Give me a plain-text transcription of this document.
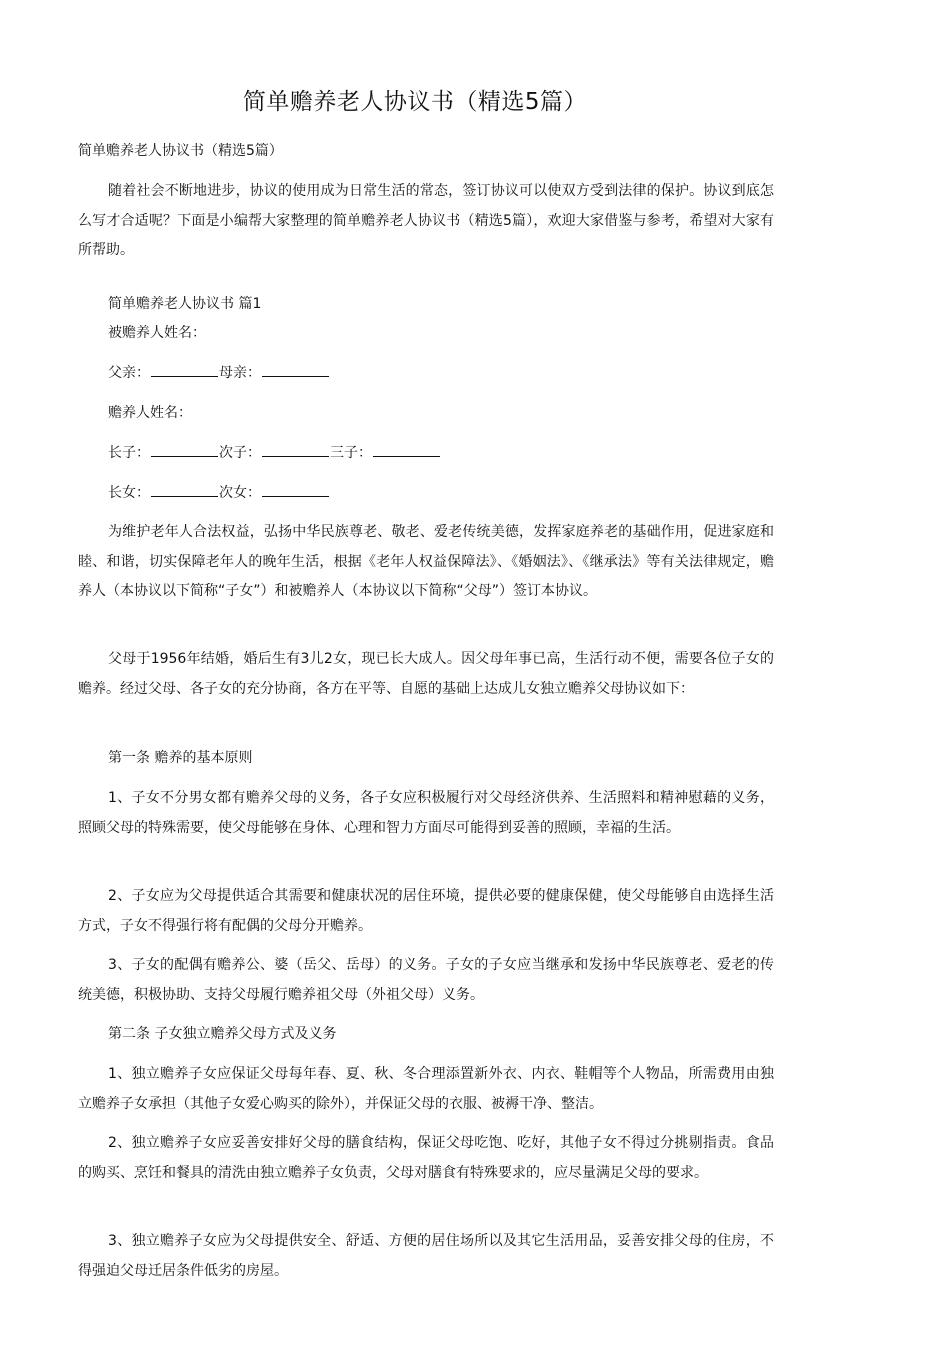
简单赡养老人协议书（精选5篇）
简单赡养老人协议书（精选5篇）

随着社会不断地进步，协议的使用成为日常生活的常态，签订协议可以使双方受到法律的保护。协议到底怎么写才合适呢？下面是小编帮大家整理的简单赡养老人协议书（精选5篇），欢迎大家借鉴与参考，希望对大家有所帮助。

简单赡养老人协议书 篇1
被赡养人姓名：
父亲：	母亲：
赡养人姓名：
长子：	次子：	三子：
长女：	次女：

为维护老年人合法权益，弘扬中华民族尊老、敬老、爱老传统美德，发挥家庭养老的基础作用，促进家庭和睦、和谐，切实保障老年人的晚年生活，根据《老年人权益保障法》、《婚姻法》、《继承法》等有关法律规定，赡养人（本协议以下简称“子女”）和被赡养人（本协议以下简称“父母”）签订本协议。

父母于1956年结婚，婚后生有3儿2女，现已长大成人。因父母年事已高，生活行动不便，需要各位子女的赡养。经过父母、各子女的充分协商，各方在平等、自愿的基础上达成儿女独立赡养父母协议如下：

第一条 赡养的基本原则

1、子女不分男女都有赡养父母的义务，各子女应积极履行对父母经济供养、生活照料和精神慰藉的义务，照顾父母的特殊需要，使父母能够在身体、心理和智力方面尽可能得到妥善的照顾，幸福的生活。

2、子女应为父母提供适合其需要和健康状况的居住环境，提供必要的健康保健，使父母能够自由选择生活方式，子女不得强行将有配偶的父母分开赡养。

3、子女的配偶有赡养公、婆（岳父、岳母）的义务。子女的子女应当继承和发扬中华民族尊老、爱老的传统美德，积极协助、支持父母履行赡养祖父母（外祖父母）义务。

第二条 子女独立赡养父母方式及义务

1、独立赡养子女应保证父母每年春、夏、秋、冬合理添置新外衣、内衣、鞋帽等个人物品，所需费用由独立赡养子女承担（其他子女爱心购买的除外），并保证父母的衣服、被褥干净、整洁。

2、独立赡养子女应妥善安排好父母的膳食结构，保证父母吃饱、吃好，其他子女不得过分挑剔指责。食品的购买、烹饪和餐具的清洗由独立赡养子女负责，父母对膳食有特殊要求的，应尽量满足父母的要求。

3、独立赡养子女应为父母提供安全、舒适、方便的居住场所以及其它生活用品，妥善安排父母的住房，不得强迫父母迁居条件低劣的房屋。
